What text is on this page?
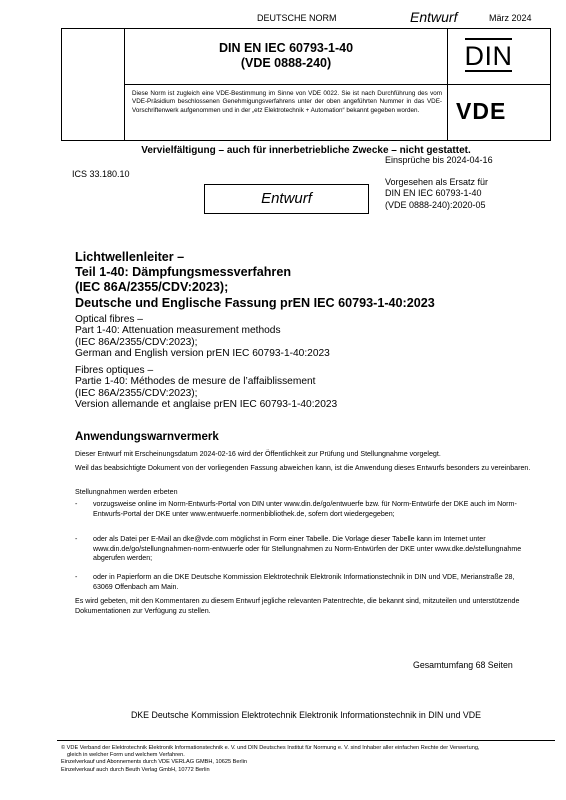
DEUTSCHE NORM	Entwurf	März 2024
DIN EN IEC 60793-1-40
(VDE 0888-240)	DIN
Diese Norm ist zugleich eine VDE-Bestimmung im Sinne von VDE 0022. Sie ist nach Durchführung des vom VDE-Präsidium beschlossenen Genehmigungsverfahrens unter der oben angeführten Nummer in das VDE-Vorschriftenwerk aufgenommen und in der „etz Elektrotechnik + Automation“ bekannt gegeben worden.	VDE
Vervielfältigung – auch für innerbetriebliche Zwecke – nicht gestattet.
Einsprüche bis 2024-04-16
ICS 33.180.10
Entwurf
Vorgesehen als Ersatz für
DIN EN IEC 60793-1-40
(VDE 0888-240):2020-05
Lichtwellenleiter –
Teil 1-40: Dämpfungsmessverfahren
(IEC 86A/2355/CDV:2023);
Deutsche und Englische Fassung prEN IEC 60793-1-40:2023
Optical fibres –
Part 1-40: Attenuation measurement methods
(IEC 86A/2355/CDV:2023);
German and English version prEN IEC 60793-1-40:2023
Fibres optiques –
Partie 1-40: Méthodes de mesure de l’affaiblissement
(IEC 86A/2355/CDV:2023);
Version allemande et anglaise prEN IEC 60793-1-40:2023
Anwendungswarnvermerk
Dieser Entwurf mit Erscheinungsdatum 2024-02-16 wird der Öffentlichkeit zur Prüfung und Stellungnahme vorgelegt.
Weil das beabsichtigte Dokument von der vorliegenden Fassung abweichen kann, ist die Anwendung dieses Entwurfs besonders zu vereinbaren.
Stellungnahmen werden erbeten
- vorzugsweise online im Norm-Entwurfs-Portal von DIN unter www.din.de/go/entwuerfe bzw. für Norm-Entwürfe der DKE auch im Norm-Entwurfs-Portal der DKE unter www.entwuerfe.normenbibliothek.de, sofern dort wiedergegeben;
- oder als Datei per E-Mail an dke@vde.com möglichst in Form einer Tabelle. Die Vorlage dieser Tabelle kann im Internet unter www.din.de/go/stellungnahmen-norm-entwuerfe oder für Stellungnahmen zu Norm-Entwürfen der DKE unter www.dke.de/stellungnahme abgerufen werden;
- oder in Papierform an die DKE Deutsche Kommission Elektrotechnik Elektronik Informationstechnik in DIN und VDE, Merianstraße 28, 63069 Offenbach am Main.
Es wird gebeten, mit den Kommentaren zu diesem Entwurf jegliche relevanten Patentrechte, die bekannt sind, mitzuteilen und unterstützende Dokumentationen zur Verfügung zu stellen.
Gesamtumfang 68 Seiten
DKE Deutsche Kommission Elektrotechnik Elektronik Informationstechnik in DIN und VDE
© VDE Verband der Elektrotechnik Elektronik Informationstechnik e. V. und DIN Deutsches Institut für Normung e. V. sind Inhaber aller einfachen Rechte der Verwertung,
gleich in welcher Form und welchem Verfahren.
Einzelverkauf und Abonnements durch VDE VERLAG GMBH, 10625 Berlin
Einzelverkauf auch durch Beuth Verlag GmbH, 10772 Berlin
